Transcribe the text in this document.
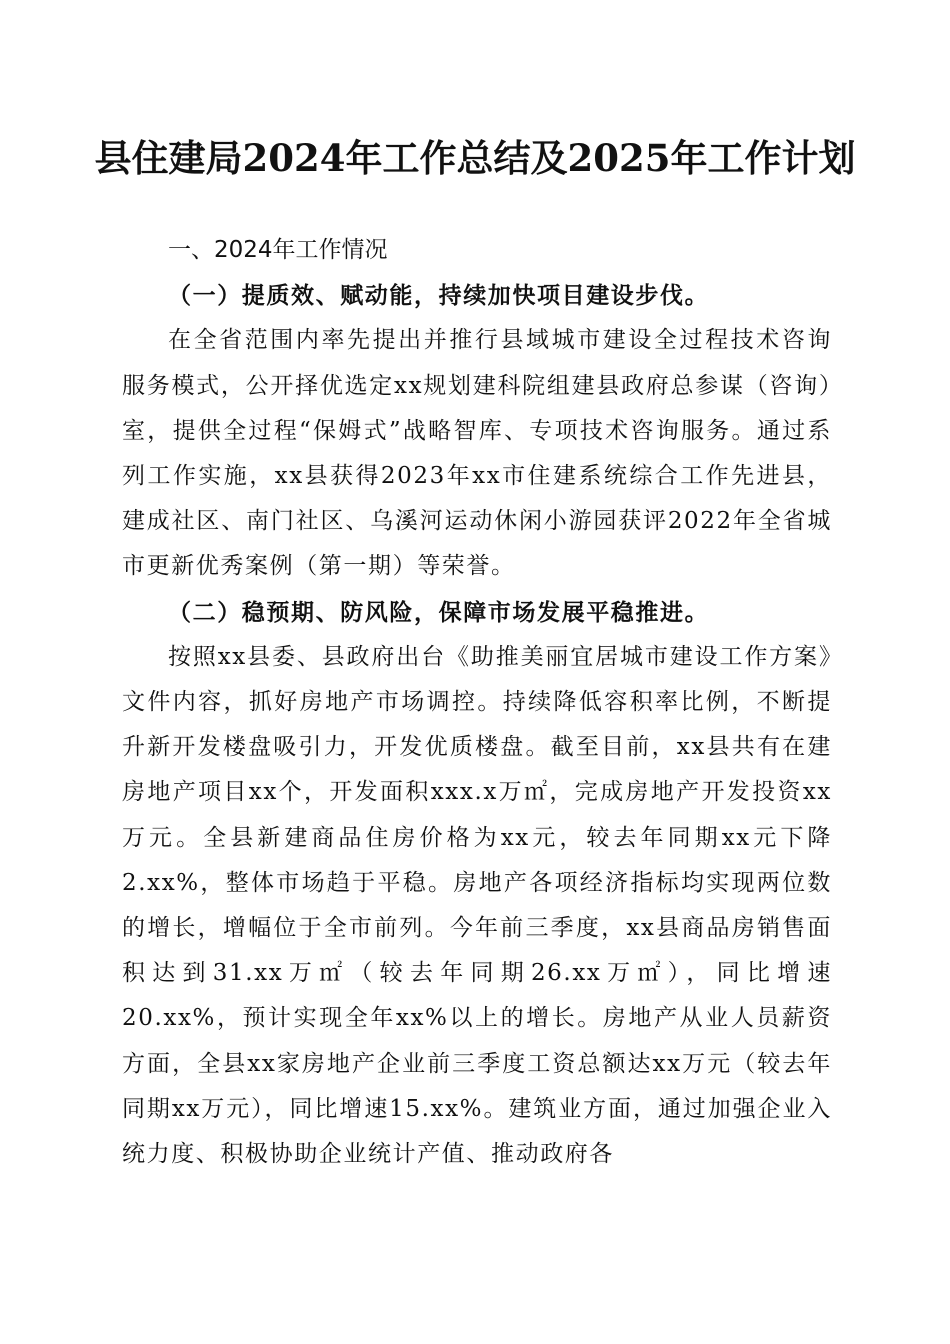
县住建局2024年工作总结及2025年工作计划
一、2024年工作情况
（一）提质效、赋动能，持续加快项目建设步伐。

在全省范围内率先提出并推行县域城市建设全过程技术咨询服务模式，公开择优选定xx规划建科院组建县政府总参谋（咨询）室，提供全过程“保姆式”战略智库、专项技术咨询服务。通过系列工作实施，xx县获得2023年xx市住建系统综合工作先进县，建成社区、南门社区、乌溪河运动休闲小游园获评2022年全省城市更新优秀案例（第一期）等荣誉。

（二）稳预期、防风险，保障市场发展平稳推进。

按照xx县委、县政府出台《助推美丽宜居城市建设工作方案》文件内容，抓好房地产市场调控。持续降低容积率比例，不断提升新开发楼盘吸引力，开发优质楼盘。截至目前，xx县共有在建房地产项目xx个，开发面积xxx.x万㎡，完成房地产开发投资xx万元。全县新建商品住房价格为xx元，较去年同期xx元下降2.xx%，整体市场趋于平稳。房地产各项经济指标均实现两位数的增长，增幅位于全市前列。今年前三季度，xx县商品房销售面积达到31.xx万㎡（较去年同期26.xx万㎡），同比增速20.xx%，预计实现全年xx%以上的增长。房地产从业人员薪资方面，全县xx家房地产企业前三季度工资总额达xx万元（较去年同期xx万元），同比增速15.xx%。建筑业方面，通过加强企业入统力度、积极协助企业统计产值、推动政府各
